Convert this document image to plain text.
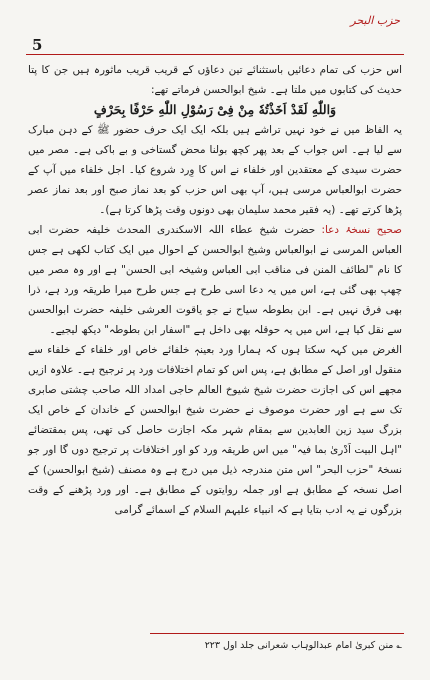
حزب البحر
5

اس حزب کی تمام دعائیں باستثنائے تین دعاؤں کے قریب قریب ماثورہ ہیں جن کا پتا حدیث کی کتابوں میں ملتا ہے۔ شیخ ابوالحسن فرماتے تھے:

وَاللّٰهِ لَقَدْ اَخَذْتُهٗ مِنْ فِیْ رَسُوْلِ اللّٰهِ حَرْفًا بِحَرْفٍ

یہ الفاظ میں نے خود نہیں تراشے ہیں بلکہ ایک ایک حرف حضور ﷺ کے دہن مبارک سے لیا ہے۔ اس جواب کے بعد پھر کچھ بولنا محض گستاخی و بے باکی ہے۔ مصر میں حضرت سیدی کے معتقدین اور خلفاء نے اس کا وِرد شروع کیا۔ اجل خلفاء میں آپ کے حضرت ابوالعباس مرسی ہیں، آپ بھی اس حزب کو بعد نماز صبح اور بعد نماز عصر پڑھا کرتے تھے۔ (یہ فقیر محمد سلیمان بھی دونوں وقت پڑھا کرتا ہے)۔

صحیح نسخۂ دعا: حضرت شیخ عطاء اللہ الاسکندری المحدث خلیفہ حضرت ابی العباس المرسی نے ابوالعباس وشیخ ابوالحسن کے احوال میں ایک کتاب لکھی ہے جس کا نام "لطائف المنن فی مناقب ابی العباس وشیخہ ابی الحسن" ہے اور وہ مصر میں چھپ بھی گئی ہے، اس میں یہ دعا اسی طرح ہے جس طرح میرا طریقہ ورد ہے، ذرا بھی فرق نہیں ہے۔ ابن بطوطہ سیاح نے جو یاقوت العرشی خلیفہ حضرت ابوالحسن سے نقل کیا ہے، اس میں یہ حوقلہ بھی داخل ہے "اسفار ابن بطوطہ" دیکھ لیجیے۔

الغرض میں کہہ سکتا ہوں کہ ہمارا ورد بعینہٖ خلفائے خاص اور خلفاء کے خلفاء سے منقول اور اصل کے مطابق ہے، پس اس کو تمام اختلافات ورد پر ترجیح ہے۔ علاوہ ازیں مجھے اس کی اجازت حضرت شیخ شیوخ العالم حاجی امداد اللہ صاحب چشتی صابری تک سے ہے اور حضرت موصوف نے حضرت شیخ ابوالحسن کے خاندان کے خاص ایک بزرگ سید زین العابدین سے بمقام شہر مکہ اجازت حاصل کی تھی، پس بمقتضائے "اہل البیت اَدْریٰ بما فیہ" میں اس طریقہ ورد کو اور اختلافات پر ترجیح دوں گا اور جو نسخۂ "حزب البحر" اس متن مندرجہ ذیل میں درج ہے وہ مصنف (شیخ ابوالحسن) کے اصل نسخہ کے مطابق ہے اور جملہ روایتوں کے مطابق ہے۔ اور ورد پڑھنے کے وقت بزرگوں نے یہ ادب بتایا ہے کہ انبیاء علیہم السلام کے اسمائے گرامی

؎ منن کبریٰ امام عبدالوہاب شعرانی جلد اول ۲۲۳
